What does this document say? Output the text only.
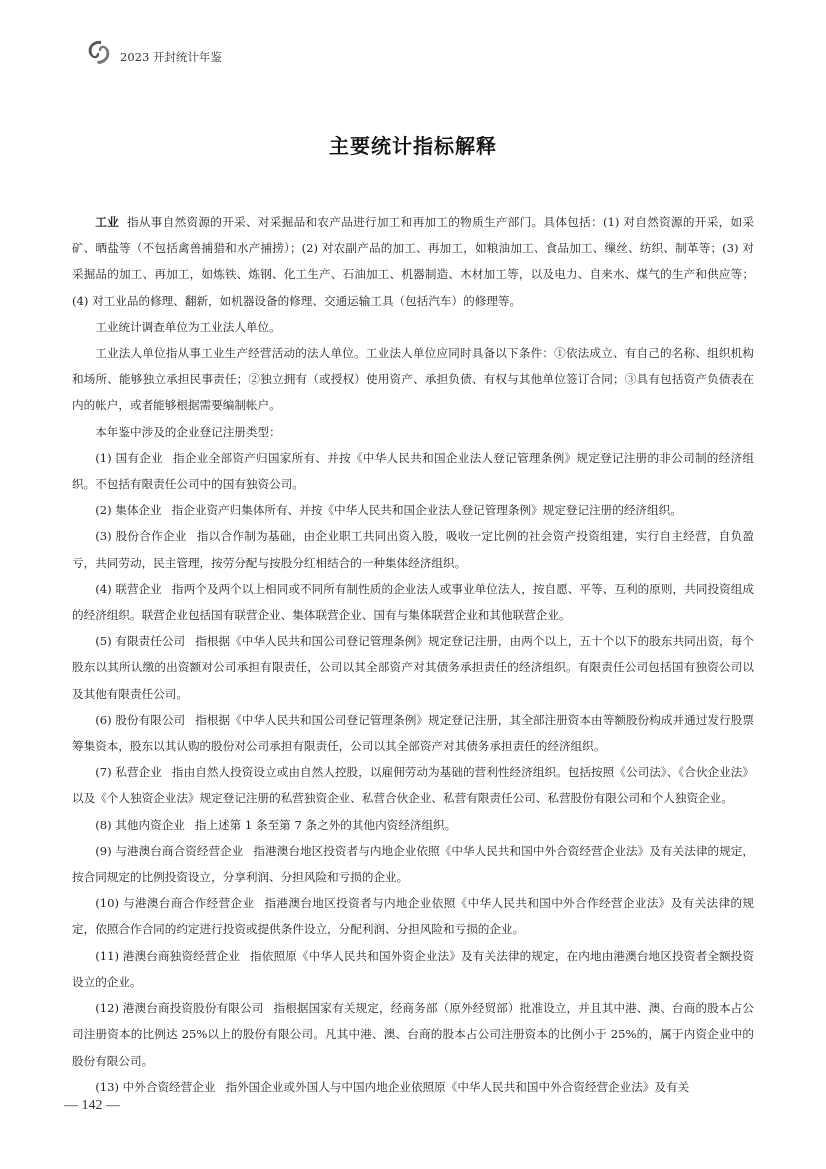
2023 开封统计年鉴
主要统计指标解释

工业 指从事自然资源的开采、对采掘品和农产品进行加工和再加工的物质生产部门。具体包括：(1) 对自然资源的开采，如采矿、晒盐等（不包括禽兽捕猎和水产捕捞）；(2) 对农副产品的加工、再加工，如粮油加工、食品加工、缫丝、纺织、制革等；(3) 对采掘品的加工、再加工，如炼铁、炼钢、化工生产、石油加工、机器制造、木材加工等，以及电力、自来水、煤气的生产和供应等；(4) 对工业品的修理、翻新，如机器设备的修理、交通运输工具（包括汽车）的修理等。

工业统计调查单位为工业法人单位。

工业法人单位指从事工业生产经营活动的法人单位。工业法人单位应同时具备以下条件：①依法成立、有自己的名称、组织机构和场所、能够独立承担民事责任；②独立拥有（或授权）使用资产、承担负债、有权与其他单位签订合同；③具有包括资产负债表在内的帐户，或者能够根据需要编制帐户。

本年鉴中涉及的企业登记注册类型：

(1) 国有企业 指企业全部资产归国家所有、并按《中华人民共和国企业法人登记管理条例》规定登记注册的非公司制的经济组织。不包括有限责任公司中的国有独资公司。

(2) 集体企业 指企业资产归集体所有、并按《中华人民共和国企业法人登记管理条例》规定登记注册的经济组织。

(3) 股份合作企业 指以合作制为基础，由企业职工共同出资入股，吸收一定比例的社会资产投资组建，实行自主经营，自负盈亏，共同劳动，民主管理，按劳分配与按股分红相结合的一种集体经济组织。

(4) 联营企业 指两个及两个以上相同或不同所有制性质的企业法人或事业单位法人，按自愿、平等、互利的原则，共同投资组成的经济组织。联营企业包括国有联营企业、集体联营企业、国有与集体联营企业和其他联营企业。

(5) 有限责任公司 指根据《中华人民共和国公司登记管理条例》规定登记注册，由两个以上，五十个以下的股东共同出资，每个股东以其所认缴的出资额对公司承担有限责任，公司以其全部资产对其债务承担责任的经济组织。有限责任公司包括国有独资公司以及其他有限责任公司。

(6) 股份有限公司 指根据《中华人民共和国公司登记管理条例》规定登记注册，其全部注册资本由等额股份构成并通过发行股票筹集资本，股东以其认购的股份对公司承担有限责任，公司以其全部资产对其债务承担责任的经济组织。

(7) 私营企业 指由自然人投资设立或由自然人控股，以雇佣劳动为基础的营利性经济组织。包括按照《公司法》、《合伙企业法》以及《个人独资企业法》规定登记注册的私营独资企业、私营合伙企业、私营有限责任公司、私营股份有限公司和个人独资企业。

(8) 其他内资企业 指上述第 1 条至第 7 条之外的其他内资经济组织。

(9) 与港澳台商合资经营企业 指港澳台地区投资者与内地企业依照《中华人民共和国中外合资经营企业法》及有关法律的规定，按合同规定的比例投资设立，分享利润、分担风险和亏损的企业。

(10) 与港澳台商合作经营企业 指港澳台地区投资者与内地企业依照《中华人民共和国中外合作经营企业法》及有关法律的规定，依照合作合同的约定进行投资或提供条件设立，分配利润、分担风险和亏损的企业。

(11) 港澳台商独资经营企业 指依照原《中华人民共和国外资企业法》及有关法律的规定，在内地由港澳台地区投资者全额投资设立的企业。

(12) 港澳台商投资股份有限公司 指根据国家有关规定，经商务部（原外经贸部）批准设立，并且其中港、澳、台商的股本占公司注册资本的比例达 25%以上的股份有限公司。凡其中港、澳、台商的股本占公司注册资本的比例小于 25%的，属于内资企业中的股份有限公司。

(13) 中外合资经营企业 指外国企业或外国人与中国内地企业依照原《中华人民共和国中外合资经营企业法》及有关

— 142 —
